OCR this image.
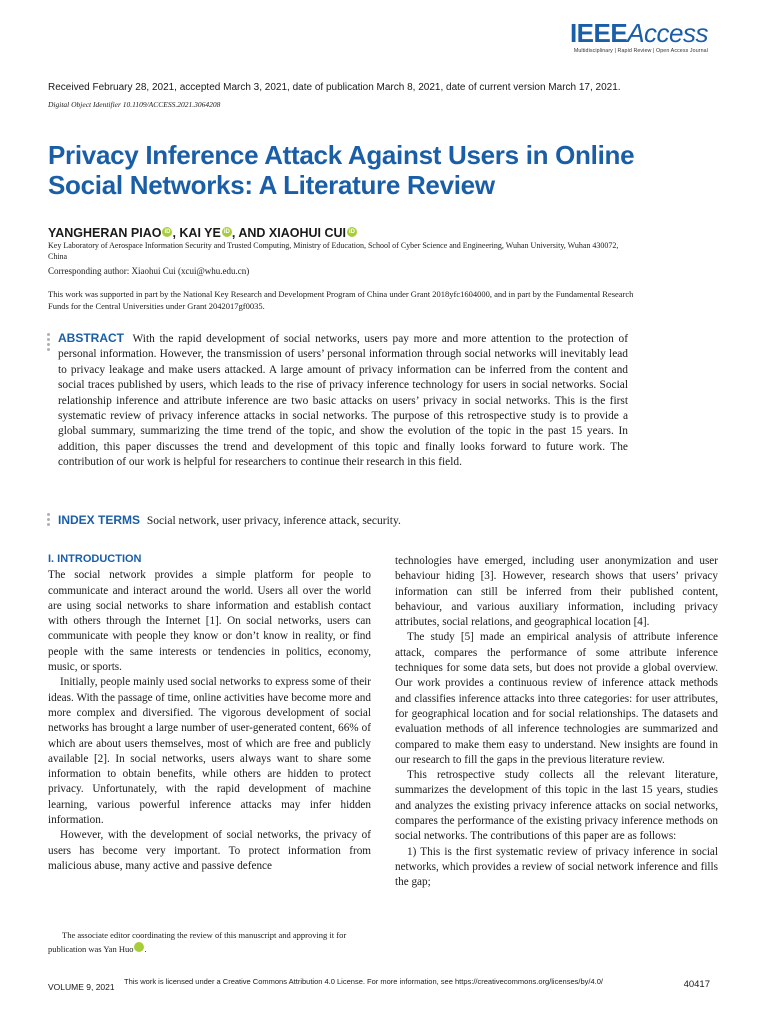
IEEEAccess
Multidisciplinary | Rapid Review | Open Access Journal
Received February 28, 2021, accepted March 3, 2021, date of publication March 8, 2021, date of current version March 17, 2021.
Digital Object Identifier 10.1109/ACCESS.2021.3064208
Privacy Inference Attack Against Users in Online
Social Networks: A Literature Review
YANGHERAN PIAO iD , KAI YE iD , AND XIAOHUI CUI iD
Key Laboratory of Aerospace Information Security and Trusted Computing, Ministry of Education, School of Cyber Science and Engineering, Wuhan University, Wuhan 430072, China
Corresponding author: Xiaohui Cui (xcui@whu.edu.cn)
This work was supported in part by the National Key Research and Development Program of China under Grant 2018yfc1604000, and in part by the Fundamental Research Funds for the Central Universities under Grant 2042017gf0035.
ABSTRACT With the rapid development of social networks, users pay more and more attention to the protection of personal information. However, the transmission of users’ personal information through social networks will inevitably lead to privacy leakage and make users attacked. A large amount of privacy information can be inferred from the content and social traces published by users, which leads to the rise of privacy inference technology for users in social networks. Social relationship inference and attribute inference are two basic attacks on users’ privacy in social networks. This is the first systematic review of privacy inference attacks in social networks. The purpose of this retrospective study is to provide a global summary, summarizing the time trend of the topic, and show the evolution of the topic in the past 15 years. In addition, this paper discusses the trend and development of this topic and finally looks forward to future work. The contribution of our work is helpful for researchers to continue their research in this field.
INDEX TERMS Social network, user privacy, inference attack, security.
I. INTRODUCTION

The social network provides a simple platform for people to communicate and interact around the world. Users all over the world are using social networks to share information and establish contact with others through the Internet [1]. On social networks, users can communicate with people they know or don’t know in reality, or find people with the same interests or tendencies in politics, economy, music, or sports.

Initially, people mainly used social networks to express some of their ideas. With the passage of time, online activities have become more and more complex and diversified. The vigorous development of social networks has brought a large number of user-generated content, 66% of which are about users themselves, most of which are free and publicly available [2]. In social networks, users always want to share some information to obtain benefits, while others are hidden to protect privacy. Unfortunately, with the rapid development of machine learning, various powerful inference attacks may infer hidden information.

However, with the development of social networks, the privacy of users has become very important. To protect information from malicious abuse, many active and passive defence

technologies have emerged, including user anonymization and user behaviour hiding [3]. However, research shows that users’ privacy information can still be inferred from their published content, behaviour, and various auxiliary information, including privacy attributes, social relations, and geographical location [4].

The study [5] made an empirical analysis of attribute inference attack, compares the performance of some attribute inference techniques for some data sets, but does not provide a global overview. Our work provides a continuous review of inference attack methods and classifies inference attacks into three categories: for user attributes, for geographical location and for social relationships. The datasets and evaluation methods of all inference technologies are summarized and compared to make them easy to understand. New insights are found in our research to fill the gaps in the previous literature review.

This retrospective study collects all the relevant literature, summarizes the development of this topic in the last 15 years, studies and analyzes the existing privacy inference attacks on social networks, compares the performance of the existing privacy inference methods on social networks. The contributions of this paper are as follows:

1) This is the first systematic review of privacy inference in social networks, which provides a review of social network inference and fills the gap;

The associate editor coordinating the review of this manuscript and approving it for publication was Yan Huo	iD.
VOLUME 9, 2021
This work is licensed under a Creative Commons Attribution 4.0 License. For more information, see https://creativecommons.org/licenses/by/4.0/	40417
